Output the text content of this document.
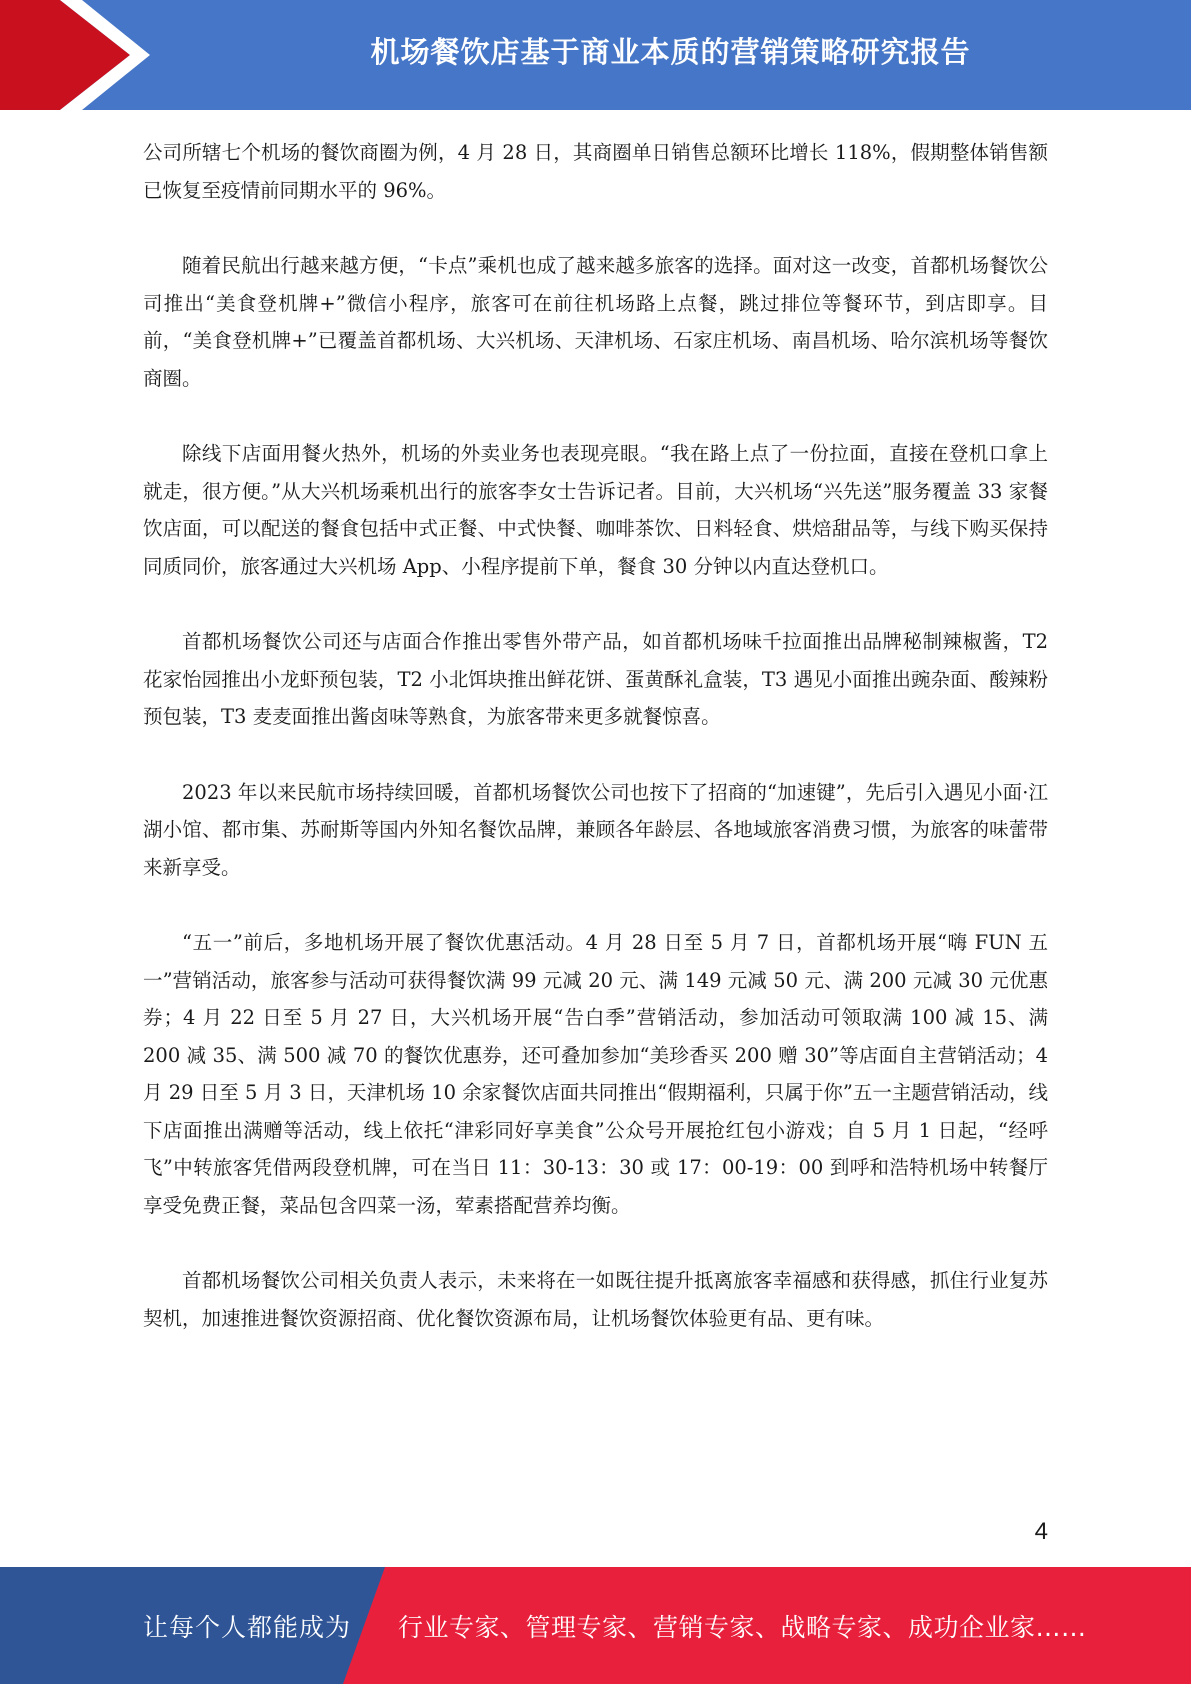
机场餐饮店基于商业本质的营销策略研究报告

公司所辖七个机场的餐饮商圈为例，4 月 28 日，其商圈单日销售总额环比增长 118%，假期整体销售额已恢复至疫情前同期水平的 96%。

随着民航出行越来越方便，“卡点”乘机也成了越来越多旅客的选择。面对这一改变，首都机场餐饮公司推出“美食登机牌+”微信小程序，旅客可在前往机场路上点餐，跳过排位等餐环节，到店即享。目前，“美食登机牌+”已覆盖首都机场、大兴机场、天津机场、石家庄机场、南昌机场、哈尔滨机场等餐饮商圈。

除线下店面用餐火热外，机场的外卖业务也表现亮眼。“我在路上点了一份拉面，直接在登机口拿上就走，很方便。”从大兴机场乘机出行的旅客李女士告诉记者。目前，大兴机场“兴先送”服务覆盖 33 家餐饮店面，可以配送的餐食包括中式正餐、中式快餐、咖啡茶饮、日料轻食、烘焙甜品等，与线下购买保持同质同价，旅客通过大兴机场 App、小程序提前下单，餐食 30 分钟以内直达登机口。

首都机场餐饮公司还与店面合作推出零售外带产品，如首都机场味千拉面推出品牌秘制辣椒酱，T2 花家怡园推出小龙虾预包装，T2 小北饵块推出鲜花饼、蛋黄酥礼盒装，T3 遇见小面推出豌杂面、酸辣粉预包装，T3 麦麦面推出酱卤味等熟食，为旅客带来更多就餐惊喜。

2023 年以来民航市场持续回暖，首都机场餐饮公司也按下了招商的“加速键”，先后引入遇见小面·江湖小馆、都市集、苏耐斯等国内外知名餐饮品牌，兼顾各年龄层、各地域旅客消费习惯，为旅客的味蕾带来新享受。

“五一”前后，多地机场开展了餐饮优惠活动。4 月 28 日至 5 月 7 日，首都机场开展“嗨 FUN 五一”营销活动，旅客参与活动可获得餐饮满 99 元减 20 元、满 149 元减 50 元、满 200 元减 30 元优惠券；4 月 22 日至 5 月 27 日，大兴机场开展“告白季”营销活动，参加活动可领取满 100 减 15、满 200 减 35、满 500 减 70 的餐饮优惠券，还可叠加参加“美珍香买 200 赠 30”等店面自主营销活动；4 月 29 日至 5 月 3 日，天津机场 10 余家餐饮店面共同推出“假期福利，只属于你”五一主题营销活动，线下店面推出满赠等活动，线上依托“津彩同好享美食”公众号开展抢红包小游戏；自 5 月 1 日起，“经呼飞”中转旅客凭借两段登机牌，可在当日 11：30-13：30 或 17：00-19：00 到呼和浩特机场中转餐厅享受免费正餐，菜品包含四菜一汤，荤素搭配营养均衡。

首都机场餐饮公司相关负责人表示，未来将在一如既往提升抵离旅客幸福感和获得感，抓住行业复苏契机，加速推进餐饮资源招商、优化餐饮资源布局，让机场餐饮体验更有品、更有味。

4
让每个人都能成为 行业专家、管理专家、营销专家、战略专家、成功企业家……
